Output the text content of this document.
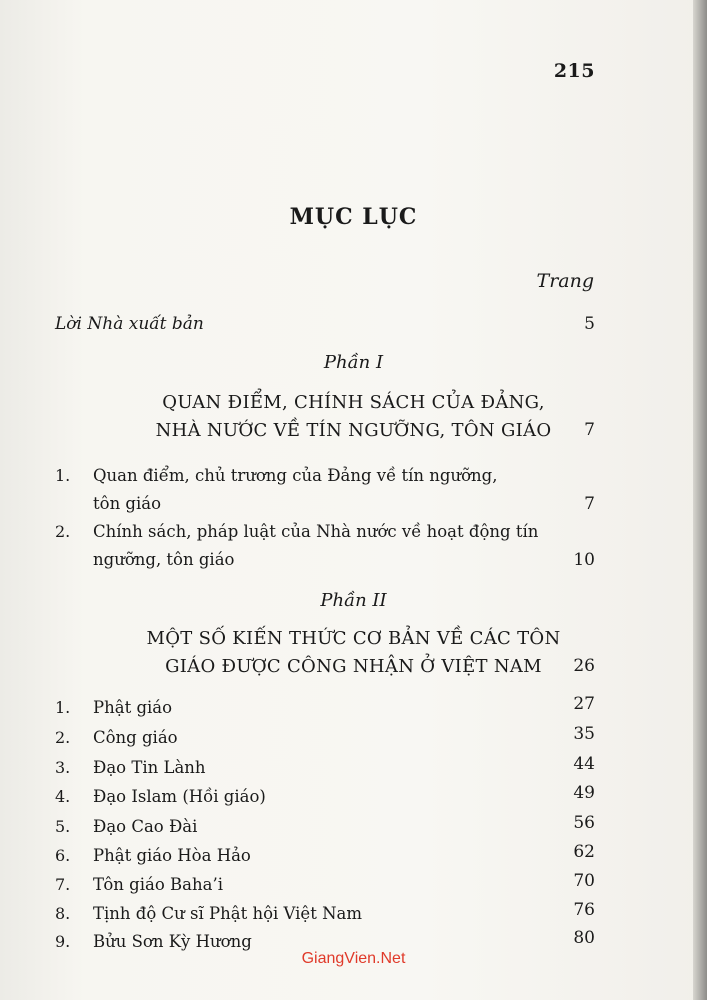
215
MỤC LỤC
Trang
Lời Nhà xuất bản	5
Phần I
QUAN ĐIỂM, CHÍNH SÁCH CỦA ĐẢNG,
NHÀ NƯỚC VỀ TÍN NGƯỠNG, TÔN GIÁO	7
1. Quan điểm, chủ trương của Đảng về tín ngưỡng,
tôn giáo	7
2. Chính sách, pháp luật của Nhà nước về hoạt động tín
ngưỡng, tôn giáo	10
Phần II
MỘT SỐ KIẾN THỨC CƠ BẢN VỀ CÁC TÔN
GIÁO ĐƯỢC CÔNG NHẬN Ở VIỆT NAM	26
1. Phật giáo	27
2. Công giáo	35
3. Đạo Tin Lành	44
4. Đạo Islam (Hồi giáo)	49
5. Đạo Cao Đài	56
6. Phật giáo Hòa Hảo	62
7. Tôn giáo Baha’i	70
8. Tịnh độ Cư sĩ Phật hội Việt Nam	76
9. Bửu Sơn Kỳ Hương	80
GiangVien.Net
